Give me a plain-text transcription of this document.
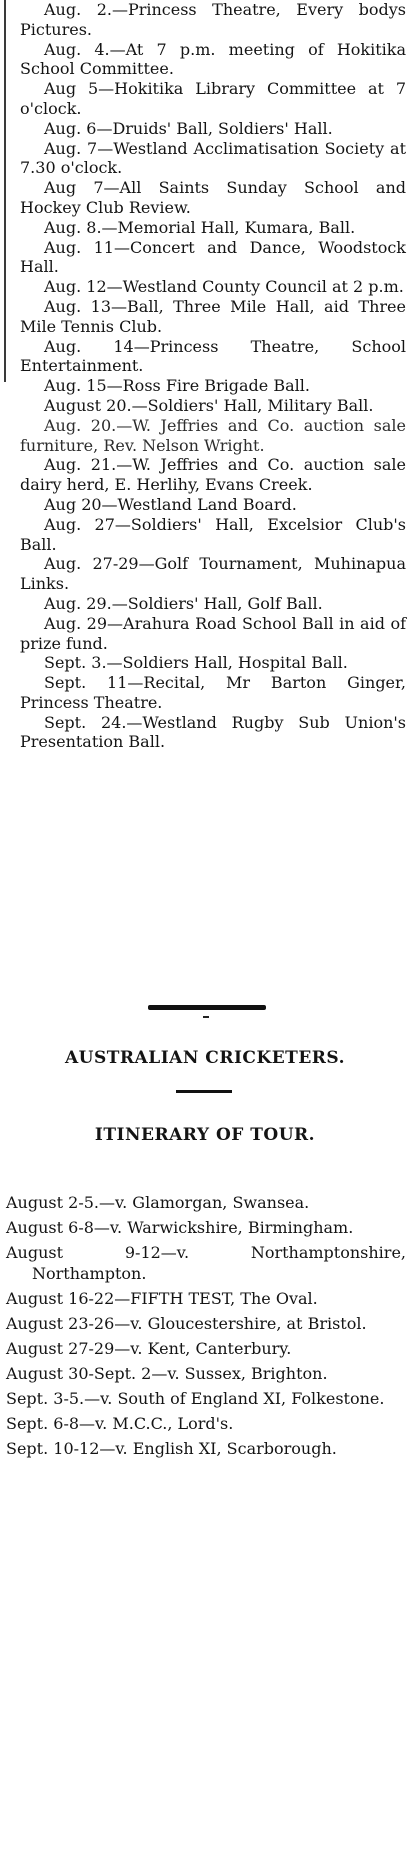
Aug. 2.—Princess Theatre, Every bodys Pictures.

Aug. 4.—At 7 p.m. meeting of Hokitika School Committee.

Aug 5—Hokitika Library Committee at 7 o'clock.

Aug. 6—Druids' Ball, Soldiers' Hall.

Aug. 7—Westland Acclimatisation Society at 7.30 o'clock.

Aug 7—All Saints Sunday School and Hockey Club Review.

Aug. 8.—Memorial Hall, Kumara, Ball.

Aug. 11—Concert and Dance, Woodstock Hall.

Aug. 12—Westland County Council at 2 p.m.

Aug. 13—Ball, Three Mile Hall, aid Three Mile Tennis Club.

Aug. 14—Princess Theatre, School Entertainment.

Aug. 15—Ross Fire Brigade Ball.

August 20.—Soldiers' Hall, Military Ball.

Aug. 20.—W. Jeffries and Co. auction sale furniture, Rev. Nelson Wright.

Aug. 21.—W. Jeffries and Co. auction sale dairy herd, E. Herlihy, Evans Creek.

Aug 20—Westland Land Board.

Aug. 27—Soldiers' Hall, Excelsior Club's Ball.

Aug. 27-29—Golf Tournament, Muhinapua Links.

Aug. 29.—Soldiers' Hall, Golf Ball.

Aug. 29—Arahura Road School Ball in aid of prize fund.

Sept. 3.—Soldiers Hall, Hospital Ball.

Sept. 11—Recital, Mr Barton Ginger, Princess Theatre.

Sept. 24.—Westland Rugby Sub Union's Presentation Ball.

AUSTRALIAN CRICKETERS.
ITINERARY OF TOUR.

August 2-5.—v. Glamorgan, Swansea.

August 6-8—v. Warwickshire, Birmingham.

August 9-12—v. Northamptonshire, Northampton.

August 16-22—FIFTH TEST, The Oval.

August 23-26—v. Gloucestershire, at Bristol.

August 27-29—v. Kent, Canterbury.

August 30-Sept. 2—v. Sussex, Brighton.

Sept. 3-5.—v. South of England XI, Folkestone.

Sept. 6-8—v. M.C.C., Lord's.

Sept. 10-12—v. English XI, Scarborough.
